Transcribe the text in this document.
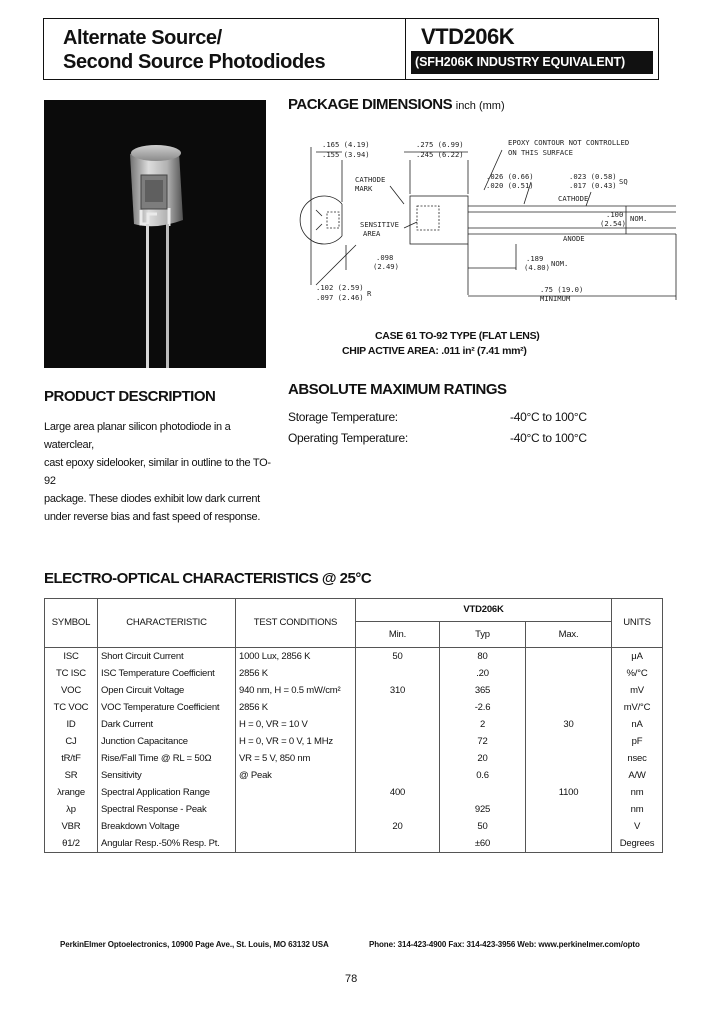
Alternate Source/
Second Source Photodiodes
VTD206K
(SFH206K INDUSTRY EQUIVALENT)
PACKAGE DIMENSIONS inch (mm)
.165 (4.19)
.155 (3.94)
.275 (6.99)
.245 (6.22)
EPOXY CONTOUR NOT CONTROLLED
ON THIS SURFACE
CATHODE
MARK
.026 (0.66)
.020 (0.51)
.023 (0.58)
.017 (0.43) SQ
CATHODE
SENSITIVE
AREA
.100
(2.54)
NOM.
ANODE
.098
(2.49)
.189
(4.80) NOM.
.102 (2.59)
R
.097 (2.46)
.75 (19.0)
MINIMUM
CASE 61 TO-92 TYPE (FLAT LENS)
CHIP ACTIVE AREA: .011 in² (7.41 mm²)
PRODUCT DESCRIPTION
Large area planar silicon photodiode in a waterclear,
cast epoxy sidelooker, similar in outline to the TO-92
package. These diodes exhibit low dark current
under reverse bias and fast speed of response.
ABSOLUTE MAXIMUM RATINGS
Storage Temperature:	-40°C to 100°C
Operating Temperature:	-40°C to 100°C
ELECTRO-OPTICAL CHARACTERISTICS @ 25°C
SYMBOL	CHARACTERISTIC	TEST CONDITIONS	VTD206K			UNITS
			Min.	Typ	Max.	
ISC	Short Circuit Current	1000 Lux, 2856 K	50	80		μA
TC ISC	ISC Temperature Coefficient	2856 K		.20		%/°C
VOC	Open Circuit Voltage	940 nm, H = 0.5 mW/cm²	310	365		mV
TC VOC	VOC Temperature Coefficient	2856 K		-2.6		mV/°C
ID	Dark Current	H = 0, VR = 10 V		2	30	nA
CJ	Junction Capacitance	H = 0, VR = 0 V, 1 MHz		72		pF
tR/tF	Rise/Fall Time @ RL = 50Ω	VR = 5 V, 850 nm		20		nsec
SR	Sensitivity	@ Peak		0.6		A/W
λrange	Spectral Application Range		400		1100	nm
λp	Spectral Response - Peak			925		nm
VBR	Breakdown Voltage		20	50		V
θ1/2	Angular Resp.-50% Resp. Pt.			±60		Degrees
PerkinElmer Optoelectronics, 10900 Page Ave., St. Louis, MO 63132 USA	Phone: 314-423-4900 Fax: 314-423-3956 Web: www.perkinelmer.com/opto
78
